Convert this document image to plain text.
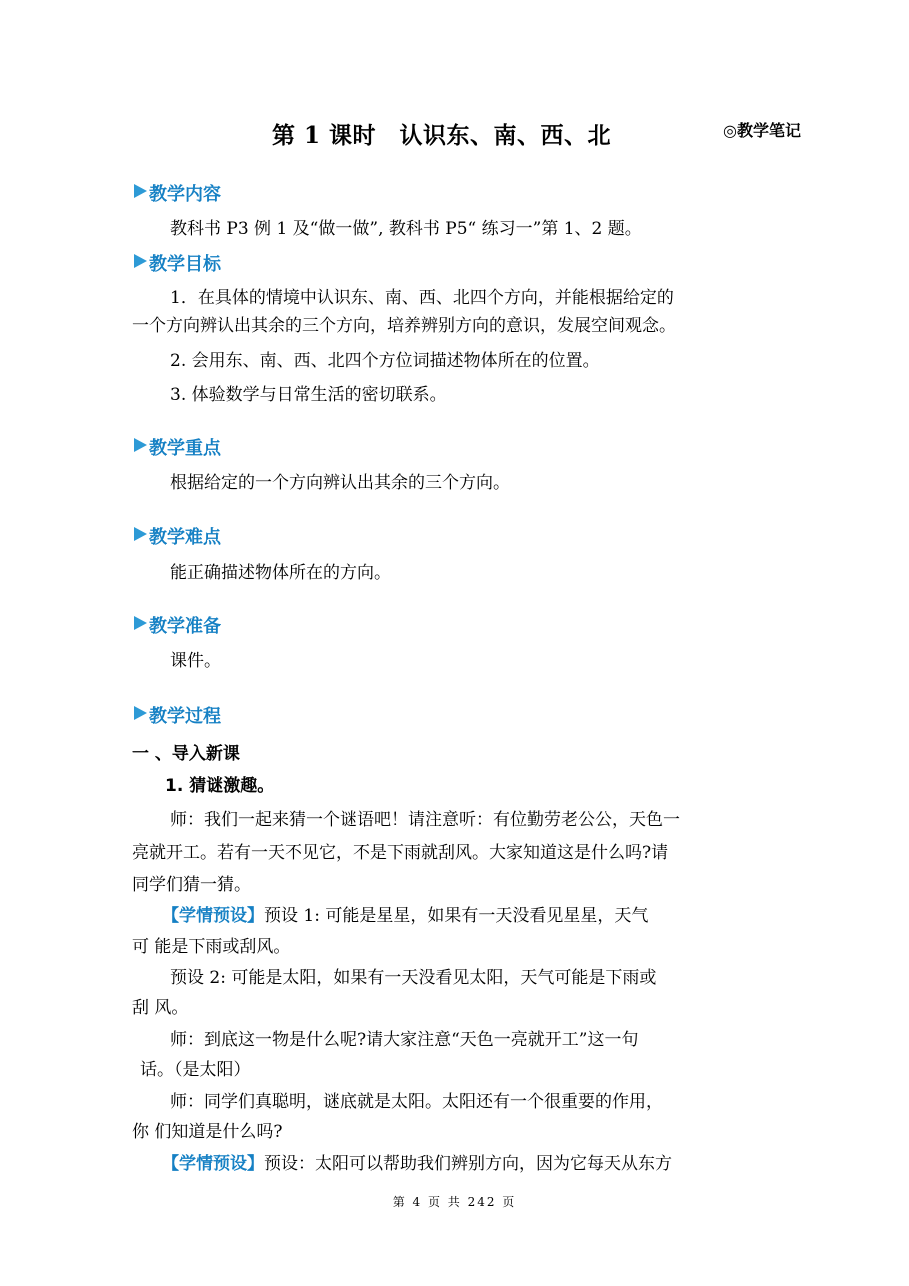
第 1 课时　认识东、南、西、北	◎教学笔记
教学内容
教科书 P3 例 1 及“做一做”, 教科书 P5“ 练习一”第 1、2 题。
教学目标
1．在具体的情境中认识东、南、西、北四个方向，并能根据给定的
一个方向辨认出其余的三个方向，培养辨别方向的意识，发展空间观念。
2. 会用东、南、西、北四个方位词描述物体所在的位置。
3. 体验数学与日常生活的密切联系。
教学重点
根据给定的一个方向辨认出其余的三个方向。
教学难点
能正确描述物体所在的方向。
教学准备
课件。
教学过程
一 、导入新课
1. 猜谜激趣。
师：我们一起来猜一个谜语吧！请注意听：有位勤劳老公公，天色一
亮就开工。若有一天不见它，不是下雨就刮风。大家知道这是什么吗?请
同学们猜一猜。
【学情预设】预设 1: 可能是星星，如果有一天没看见星星，天气
可 能是下雨或刮风。
预设 2: 可能是太阳，如果有一天没看见太阳，天气可能是下雨或
刮 风。
师：到底这一物是什么呢?请大家注意“天色一亮就开工”这一句
话。（是太阳）
师：同学们真聪明，谜底就是太阳。太阳还有一个很重要的作用，
你 们知道是什么吗?
【学情预设】预设：太阳可以帮助我们辨别方向，因为它每天从东方
第 4 页 共 242 页
